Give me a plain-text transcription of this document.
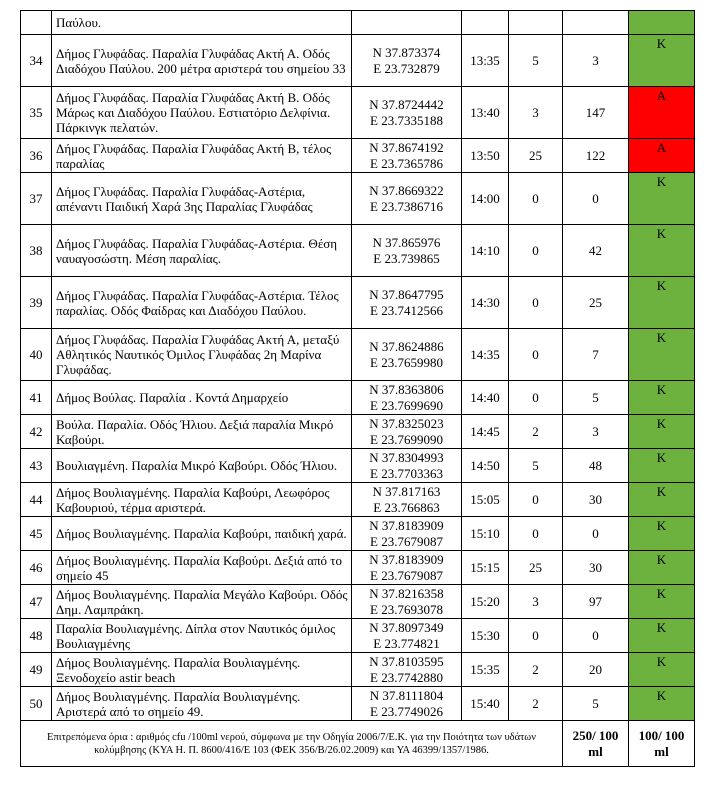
	Παύλου.					
34	Δήμος Γλυφάδας. Παραλία Γλυφάδας Ακτή Α. Οδός Διαδόχου Παύλου. 200 μέτρα αριστερά του σημείου 33	N 37.873374
E 23.732879	13:35	5	3	Κ
35	Δήμος Γλυφάδας. Παραλία Γλυφάδας Ακτή Β. Οδός Μάρως και Διαδόχου Παύλου. Εστιατόριο Δελφίνια. Πάρκινγκ πελατών.	N 37.8724442
E 23.7335188	13:40	3	147	Α
36	Δήμος Γλυφάδας. Παραλία Γλυφάδας Ακτή Β, τέλος παραλίας	N 37.8674192
E 23.7365786	13:50	25	122	Α
37	Δήμος Γλυφάδας. Παραλία Γλυφάδας-Αστέρια, απέναντι Παιδική Χαρά 3ης Παραλίας Γλυφάδας	N 37.8669322
E 23.7386716	14:00	0	0	Κ
38	Δήμος Γλυφάδας. Παραλία Γλυφάδας-Αστέρια. Θέση ναυαγοσώστη. Μέση παραλίας.	N 37.865976
E 23.739865	14:10	0	42	Κ
39	Δήμος Γλυφάδας. Παραλία Γλυφάδας-Αστέρια. Τέλος παραλίας. Οδός Φαίδρας και Διαδόχου Παύλου.	N 37.8647795
E 23.7412566	14:30	0	25	Κ
40	Δήμος Γλυφάδας. Παραλία Γλυφάδας Ακτή Α, μεταξύ Αθλητικός Ναυτικός Όμιλος Γλυφάδας 2η Μαρίνα Γλυφάδας.	N 37.8624886
E 23.7659980	14:35	0	7	Κ
41	Δήμος Βούλας. Παραλία . Κοντά Δημαρχείο	N 37.8363806
E 23.7699690	14:40	0	5	Κ
42	Βούλα. Παραλία. Οδός Ήλιου. Δεξιά παραλία Μικρό Καβούρι.	N 37.8325023
E 23.7699090	14:45	2	3	Κ
43	Βουλιαγμένη. Παραλία Μικρό Καβούρι. Οδός Ήλιου.	N 37.8304993
E 23.7703363	14:50	5	48	Κ
44	Δήμος Βουλιαγμένης. Παραλία Καβούρι, Λεωφόρος Καβουριού, τέρμα αριστερά.	N 37.817163
E 23.766863	15:05	0	30	Κ
45	Δήμος Βουλιαγμένης. Παραλία Καβούρι, παιδική χαρά.	N 37.8183909
E 23.7679087	15:10	0	0	Κ
46	Δήμος Βουλιαγμένης. Παραλία Καβούρι. Δεξιά από το σημείο 45	N 37.8183909
E 23.7679087	15:15	25	30	Κ
47	Δήμος Βουλιαγμένης. Παραλία Μεγάλο Καβούρι. Οδός Δημ. Λαμπράκη.	N 37.8216358
E 23.7693078	15:20	3	97	Κ
48	Παραλία Βουλιαγμένης. Δίπλα στον Ναυτικός όμιλος Βουλιαγμένης	N 37.8097349
E 23.774821	15:30	0	0	Κ
49	Δήμος Βουλιαγμένης. Παραλία Βουλιαγμένης. Ξενοδοχείο astir beach	N 37.8103595
E 23.7742880	15:35	2	20	Κ
50	Δήμος Βουλιαγμένης. Παραλία Βουλιαγμένης. Αριστερά από το σημείο 49.	N 37.8111804
E 23.7749026	15:40	2	5	Κ
Επιτρεπόμενα όρια : αριθμός cfu /100ml νερού, σύμφωνα με την Οδηγία 2006/7/Ε.Κ. για την Ποιότητα των υδάτων κολύμβησης (ΚΥΑ Η. Π. 8600/416/Ε 103 (ΦΕΚ 356/Β/26.02.2009) και ΥΑ 46399/1357/1986.					250/ 100 ml	100/ 100 ml
